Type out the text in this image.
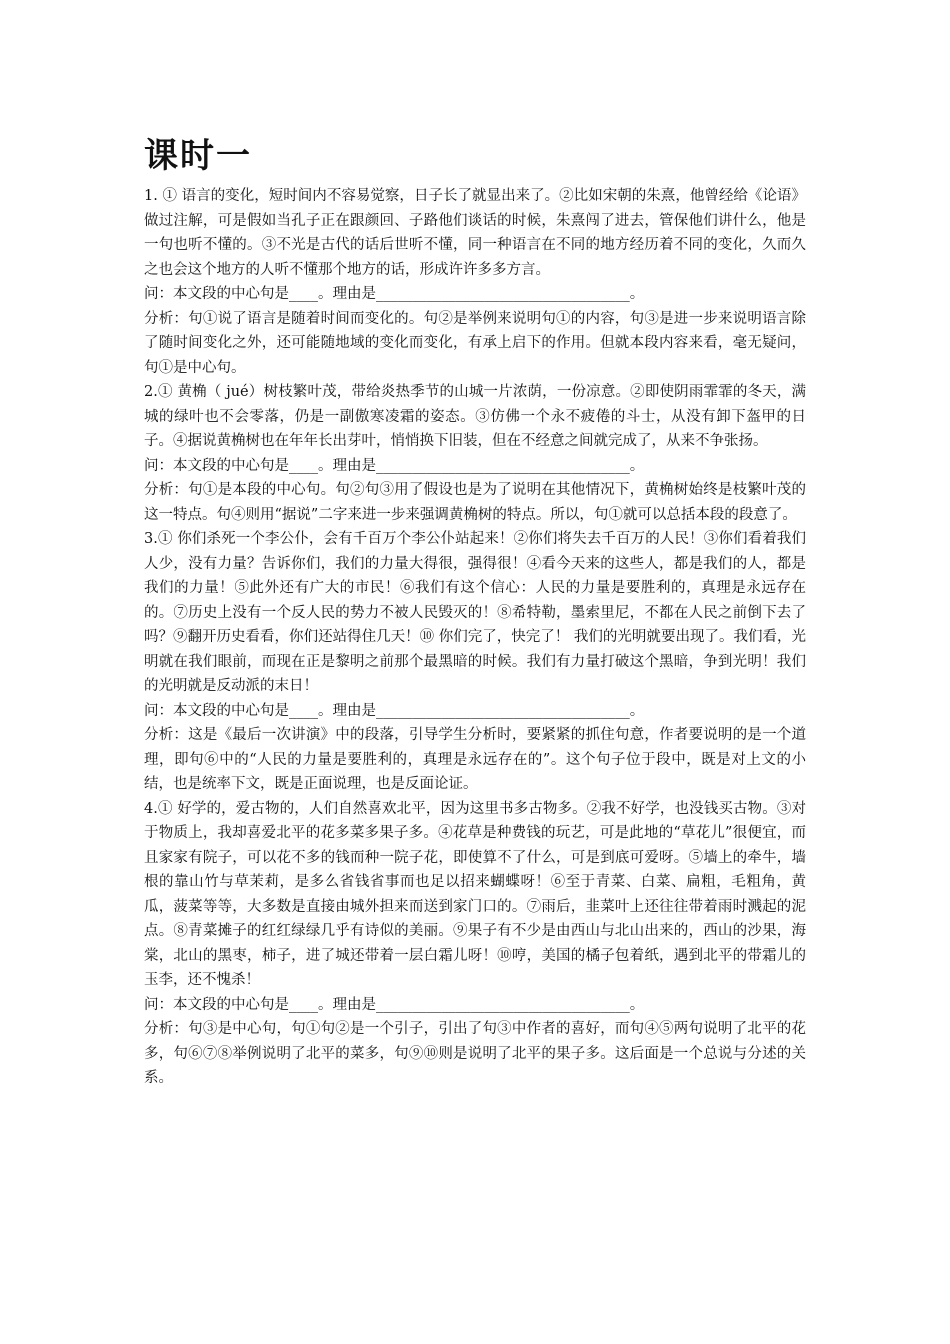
课时一

1. ① 语言的变化，短时间内不容易觉察，日子长了就显出来了。②比如宋朝的朱熹，他曾经给《论语》做过注解，可是假如当孔子正在跟颜回、子路他们谈话的时候，朱熹闯了进去，管保他们讲什么，他是一句也听不懂的。③不光是古代的话后世听不懂，同一种语言在不同的地方经历着不同的变化，久而久之也会这个地方的人听不懂那个地方的话，形成许许多多方言。

问：本文段的中心句是____。理由是___________________________________。

分析：句①说了语言是随着时间而变化的。句②是举例来说明句①的内容，句③是进一步来说明语言除了随时间变化之外，还可能随地域的变化而变化，有承上启下的作用。但就本段内容来看，毫无疑问，句①是中心句。

2.① 黄桷（ jué）树枝繁叶茂，带给炎热季节的山城一片浓荫，一份凉意。②即使阴雨霏霏的冬天，满城的绿叶也不会零落，仍是一副傲寒凌霜的姿态。③仿佛一个永不疲倦的斗士，从没有卸下盔甲的日子。④据说黄桷树也在年年长出芽叶，悄悄换下旧装，但在不经意之间就完成了，从来不争张扬。

问：本文段的中心句是____。理由是___________________________________。

分析：句①是本段的中心句。句②句③用了假设也是为了说明在其他情况下，黄桷树始终是枝繁叶茂的这一特点。句④则用“据说”二字来进一步来强调黄桷树的特点。所以，句①就可以总括本段的段意了。

3.① 你们杀死一个李公仆，会有千百万个李公仆站起来！②你们将失去千百万的人民！③你们看着我们人少，没有力量？告诉你们，我们的力量大得很，强得很！④看今天来的这些人，都是我们的人，都是我们的力量！⑤此外还有广大的市民！⑥我们有这个信心：人民的力量是要胜利的，真理是永远存在的。⑦历史上没有一个反人民的势力不被人民毁灭的！⑧希特勒，墨索里尼，不都在人民之前倒下去了吗？⑨翻开历史看看，你们还站得住几天！⑩ 你们完了，快完了！ 我们的光明就要出现了。我们看，光明就在我们眼前，而现在正是黎明之前那个最黑暗的时候。我们有力量打破这个黑暗，争到光明！我们的光明就是反动派的末日！

问：本文段的中心句是____。理由是___________________________________。

分析：这是《最后一次讲演》中的段落，引导学生分析时，要紧紧的抓住句意，作者要说明的是一个道理，即句⑥中的“人民的力量是要胜利的，真理是永远存在的”。这个句子位于段中，既是对上文的小结，也是统率下文，既是正面说理，也是反面论证。

4.① 好学的，爱古物的，人们自然喜欢北平，因为这里书多古物多。②我不好学，也没钱买古物。③对于物质上，我却喜爱北平的花多菜多果子多。④花草是种费钱的玩艺，可是此地的“草花儿”很便宜，而且家家有院子，可以花不多的钱而种一院子花，即使算不了什么，可是到底可爱呀。⑤墙上的牵牛，墙根的靠山竹与草茉莉，是多么省钱省事而也足以招来蝴蝶呀！⑥至于青菜、白菜、扁粗，毛粗角，黄瓜，菠菜等等，大多数是直接由城外担来而送到家门口的。⑦雨后，韭菜叶上还往往带着雨时溅起的泥点。⑧青菜摊子的红红绿绿几乎有诗似的美丽。⑨果子有不少是由西山与北山出来的，西山的沙果，海棠，北山的黑枣，柿子，进了城还带着一层白霜儿呀！⑩哼，美国的橘子包着纸，遇到北平的带霜儿的玉李，还不愧杀！

问：本文段的中心句是____。理由是___________________________________。

分析：句③是中心句，句①句②是一个引子，引出了句③中作者的喜好，而句④⑤两句说明了北平的花多，句⑥⑦⑧举例说明了北平的菜多，句⑨⑩则是说明了北平的果子多。这后面是一个总说与分述的关系。
